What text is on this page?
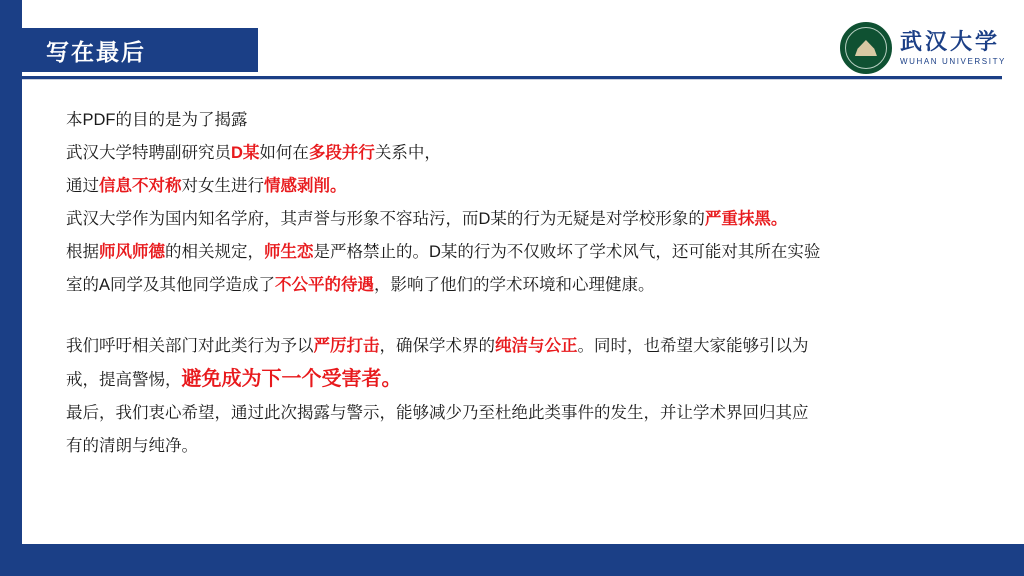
写在最后	武汉大学
WUHAN UNIVERSITY
本PDF的目的是为了揭露
武汉大学特聘副研究员D某如何在多段并行关系中，
通过信息不对称对女生进行情感剥削。
武汉大学作为国内知名学府，其声誉与形象不容玷污，而D某的行为无疑是对学校形象的严重抹黑。
根据师风师德的相关规定，师生恋是严格禁止的。D某的行为不仅败坏了学术风气，还可能对其所在实验
室的A同学及其他同学造成了不公平的待遇，影响了他们的学术环境和心理健康。
我们呼吁相关部门对此类行为予以严厉打击，确保学术界的纯洁与公正。同时，也希望大家能够引以为
戒，提高警惕，避免成为下一个受害者。
最后，我们衷心希望，通过此次揭露与警示，能够减少乃至杜绝此类事件的发生，并让学术界回归其应
有的清朗与纯净。
